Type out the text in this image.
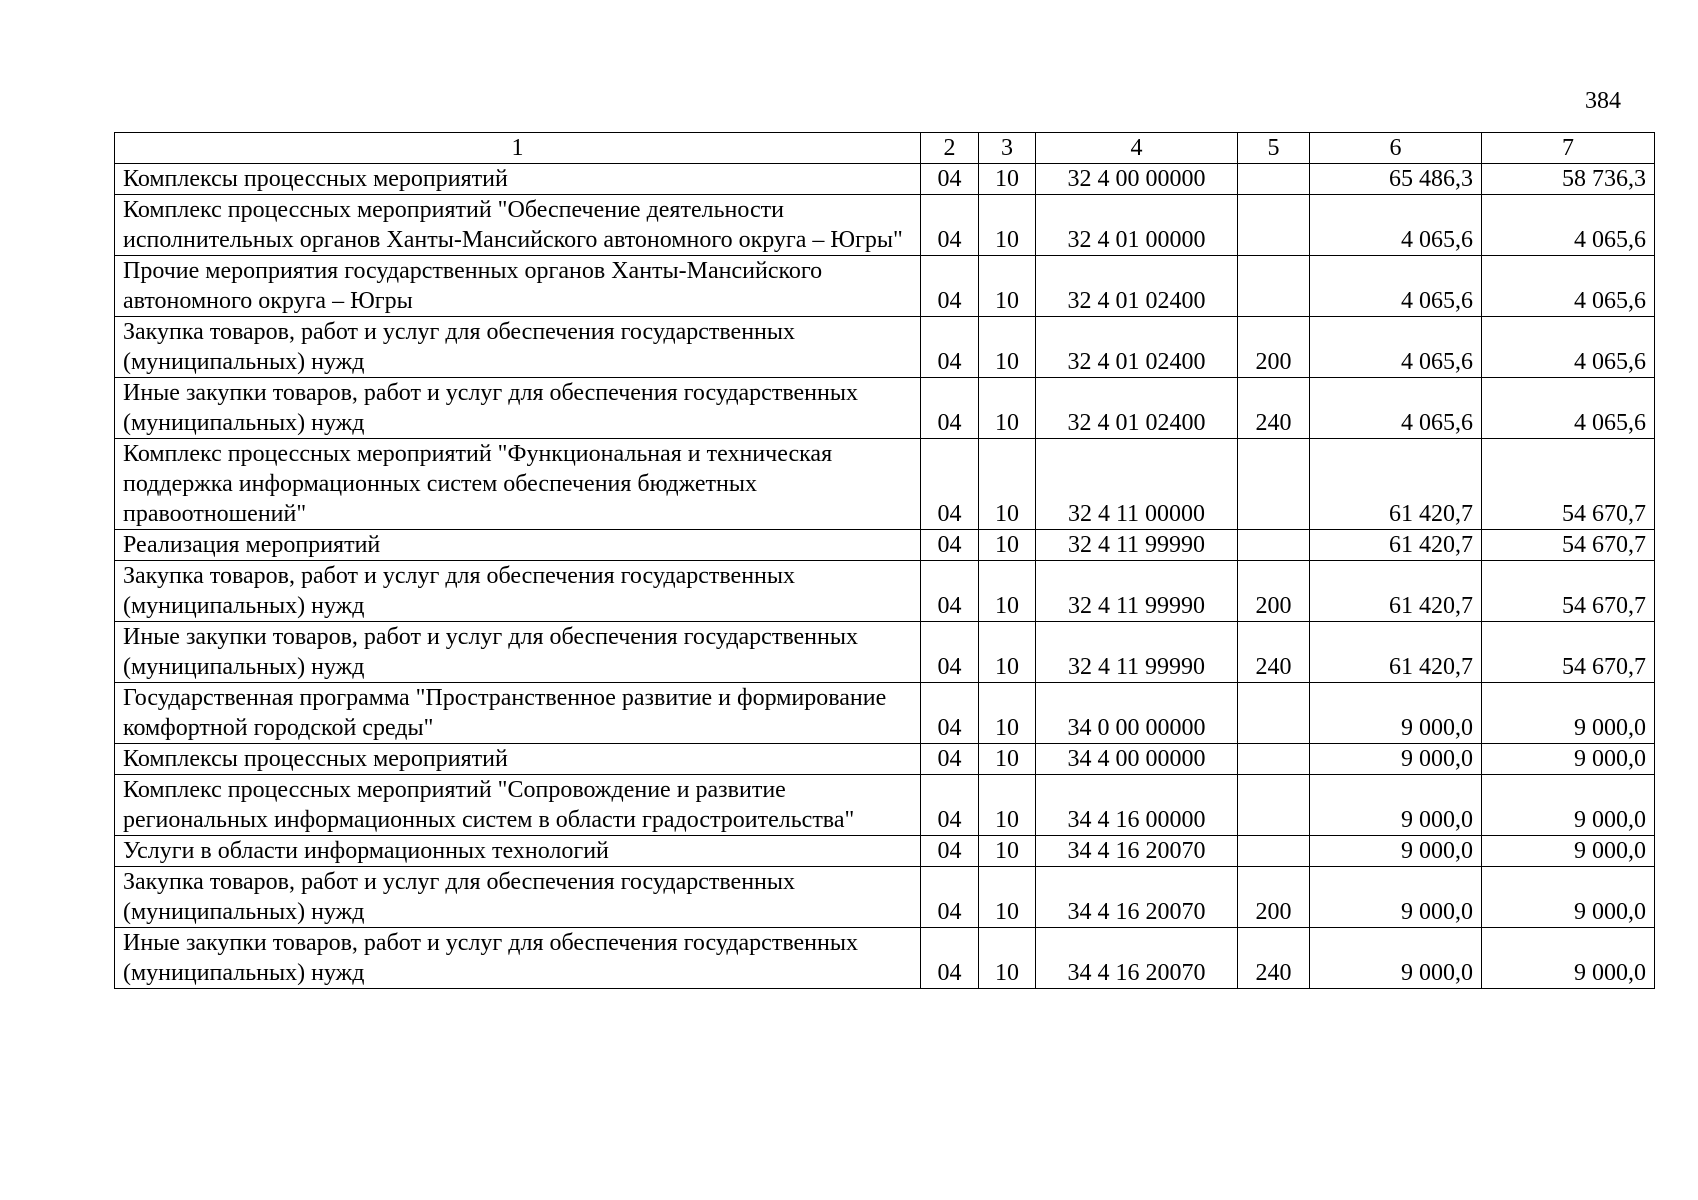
384
1	2	3	4	5	6	7
Комплексы процессных мероприятий	04	10	32 4 00 00000		65 486,3	58 736,3
Комплекс процессных мероприятий "Обеспечение деятельности исполнительных органов Ханты-Мансийского автономного округа – Югры"	04	10	32 4 01 00000		4 065,6	4 065,6
Прочие мероприятия государственных органов Ханты-Мансийского автономного округа – Югры	04	10	32 4 01 02400		4 065,6	4 065,6
Закупка товаров, работ и услуг для обеспечения государственных (муниципальных) нужд	04	10	32 4 01 02400	200	4 065,6	4 065,6
Иные закупки товаров, работ и услуг для обеспечения государственных (муниципальных) нужд	04	10	32 4 01 02400	240	4 065,6	4 065,6
Комплекс процессных мероприятий "Функциональная и техническая поддержка информационных систем обеспечения бюджетных правоотношений"	04	10	32 4 11 00000		61 420,7	54 670,7
Реализация мероприятий	04	10	32 4 11 99990		61 420,7	54 670,7
Закупка товаров, работ и услуг для обеспечения государственных (муниципальных) нужд	04	10	32 4 11 99990	200	61 420,7	54 670,7
Иные закупки товаров, работ и услуг для обеспечения государственных (муниципальных) нужд	04	10	32 4 11 99990	240	61 420,7	54 670,7
Государственная программа "Пространственное развитие и формирование комфортной городской среды"	04	10	34 0 00 00000		9 000,0	9 000,0
Комплексы процессных мероприятий	04	10	34 4 00 00000		9 000,0	9 000,0
Комплекс процессных мероприятий "Сопровождение и развитие региональных информационных систем в области градостроительства"	04	10	34 4 16 00000		9 000,0	9 000,0
Услуги в области информационных технологий	04	10	34 4 16 20070		9 000,0	9 000,0
Закупка товаров, работ и услуг для обеспечения государственных (муниципальных) нужд	04	10	34 4 16 20070	200	9 000,0	9 000,0
Иные закупки товаров, работ и услуг для обеспечения государственных (муниципальных) нужд	04	10	34 4 16 20070	240	9 000,0	9 000,0
